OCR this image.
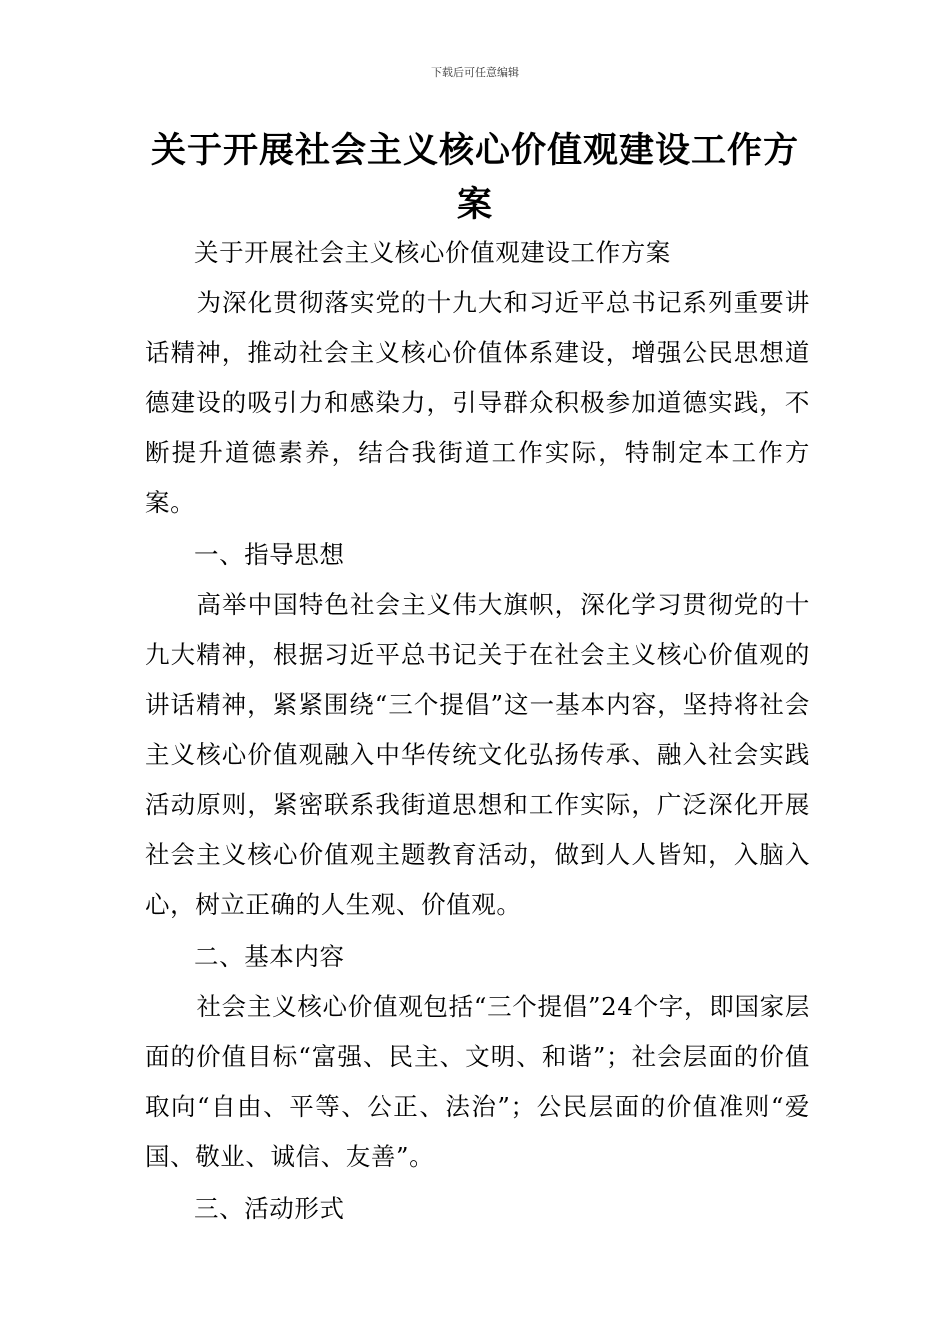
下载后可任意编辑
关于开展社会主义核心价值观建设工作方案

关于开展社会主义核心价值观建设工作方案

为深化贯彻落实党的十九大和习近平总书记系列重要讲话精神，推动社会主义核心价值体系建设，增强公民思想道德建设的吸引力和感染力，引导群众积极参加道德实践，不断提升道德素养，结合我街道工作实际，特制定本工作方案。

一、指导思想

高举中国特色社会主义伟大旗帜，深化学习贯彻党的十九大精神，根据习近平总书记关于在社会主义核心价值观的讲话精神，紧紧围绕“三个提倡”这一基本内容，坚持将社会主义核心价值观融入中华传统文化弘扬传承、融入社会实践活动原则，紧密联系我街道思想和工作实际，广泛深化开展社会主义核心价值观主题教育活动，做到人人皆知，入脑入心，树立正确的人生观、价值观。

二、基本内容

社会主义核心价值观包括“三个提倡”24个字，即国家层面的价值目标“富强、民主、文明、和谐”；社会层面的价值取向“自由、平等、公正、法治”；公民层面的价值准则“爱国、敬业、诚信、友善”。

三、活动形式
